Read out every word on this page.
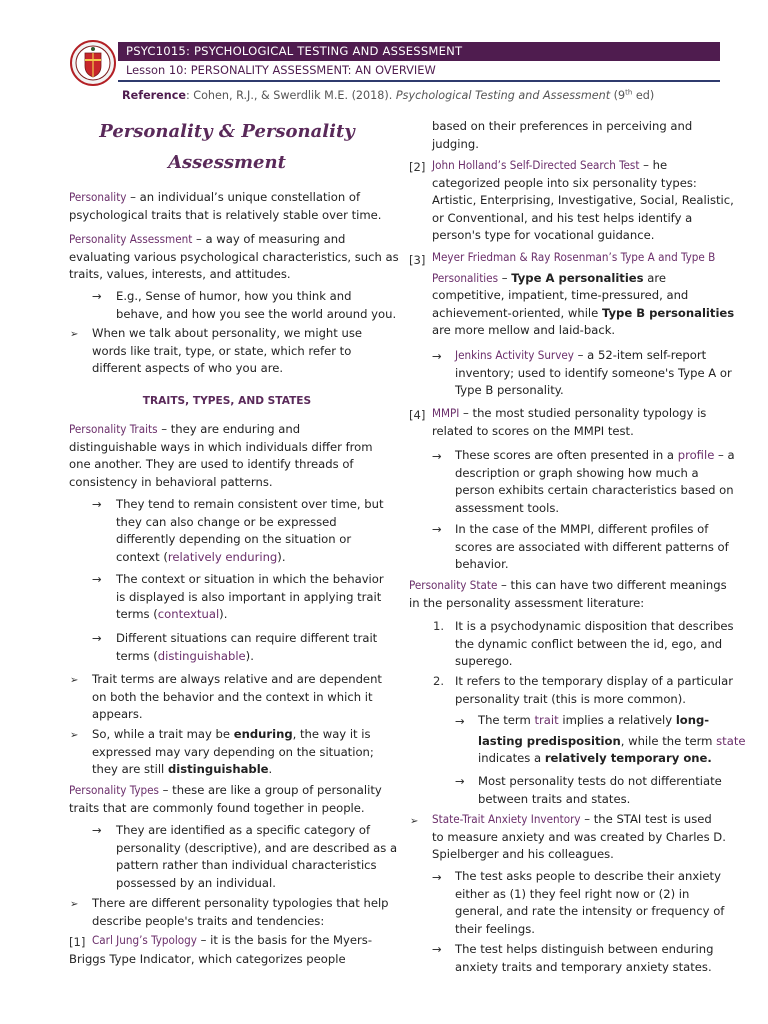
PSYC1015: PSYCHOLOGICAL TESTING AND ASSESSMENT
Lesson 10: PERSONALITY ASSESSMENT: AN OVERVIEW
Reference: Cohen, R.J., & Swerdlik M.E. (2018). Psychological Testing and Assessment (9th ed)
Personality & Personality
Assessment
Personality – an individual’s unique constellation of
psychological traits that is relatively stable over time.
Personality Assessment – a way of measuring and
evaluating various psychological characteristics, such as
traits, values, interests, and attitudes.
→	E.g., Sense of humor, how you think and
behave, and how you see the world around you.
➢	When we talk about personality, we might use
words like trait, type, or state, which refer to
different aspects of who you are.
TRAITS, TYPES, AND STATES
Personality Traits – they are enduring and
distinguishable ways in which individuals differ from
one another. They are used to identify threads of
consistency in behavioral patterns.
→	They tend to remain consistent over time, but
they can also change or be expressed
differently depending on the situation or
context (relatively enduring).
→	The context or situation in which the behavior
is displayed is also important in applying trait
terms (contextual).
→	Different situations can require different trait
terms (distinguishable).
➢	Trait terms are always relative and are dependent
on both the behavior and the context in which it
appears.
➢	So, while a trait may be enduring, the way it is
expressed may vary depending on the situation;
they are still distinguishable.
Personality Types – these are like a group of personality
traits that are commonly found together in people.
→	They are identified as a specific category of
personality (descriptive), and are described as a
pattern rather than individual characteristics
possessed by an individual.
➢	There are different personality typologies that help
describe people's traits and tendencies:
[1] Carl Jung’s Typology – it is the basis for the Myers-
Briggs Type Indicator, which categorizes people
based on their preferences in perceiving and
judging.
[2] John Holland’s Self-Directed Search Test – he
categorized people into six personality types:
Artistic, Enterprising, Investigative, Social, Realistic,
or Conventional, and his test helps identify a
person's type for vocational guidance.
[3] Meyer Friedman & Ray Rosenman’s Type A and Type B
Personalities – Type A personalities are
competitive, impatient, time-pressured, and
achievement-oriented, while Type B personalities
are more mellow and laid-back.
→	Jenkins Activity Survey – a 52-item self-report
inventory; used to identify someone's Type A or
Type B personality.
[4] MMPI – the most studied personality typology is
related to scores on the MMPI test.
→	These scores are often presented in a profile – a
description or graph showing how much a
person exhibits certain characteristics based on
assessment tools.
→	In the case of the MMPI, different profiles of
scores are associated with different patterns of
behavior.
Personality State – this can have two different meanings
in the personality assessment literature:
1. It is a psychodynamic disposition that describes
the dynamic conflict between the id, ego, and
superego.
2. It refers to the temporary display of a particular
personality trait (this is more common).
→	The term trait implies a relatively long-
lasting predisposition, while the term state
indicates a relatively temporary one.
→	Most personality tests do not differentiate
between traits and states.
➢	State-Trait Anxiety Inventory – the STAI test is used
to measure anxiety and was created by Charles D.
Spielberger and his colleagues.
→	The test asks people to describe their anxiety
either as (1) they feel right now or (2) in
general, and rate the intensity or frequency of
their feelings.
→	The test helps distinguish between enduring
anxiety traits and temporary anxiety states.
